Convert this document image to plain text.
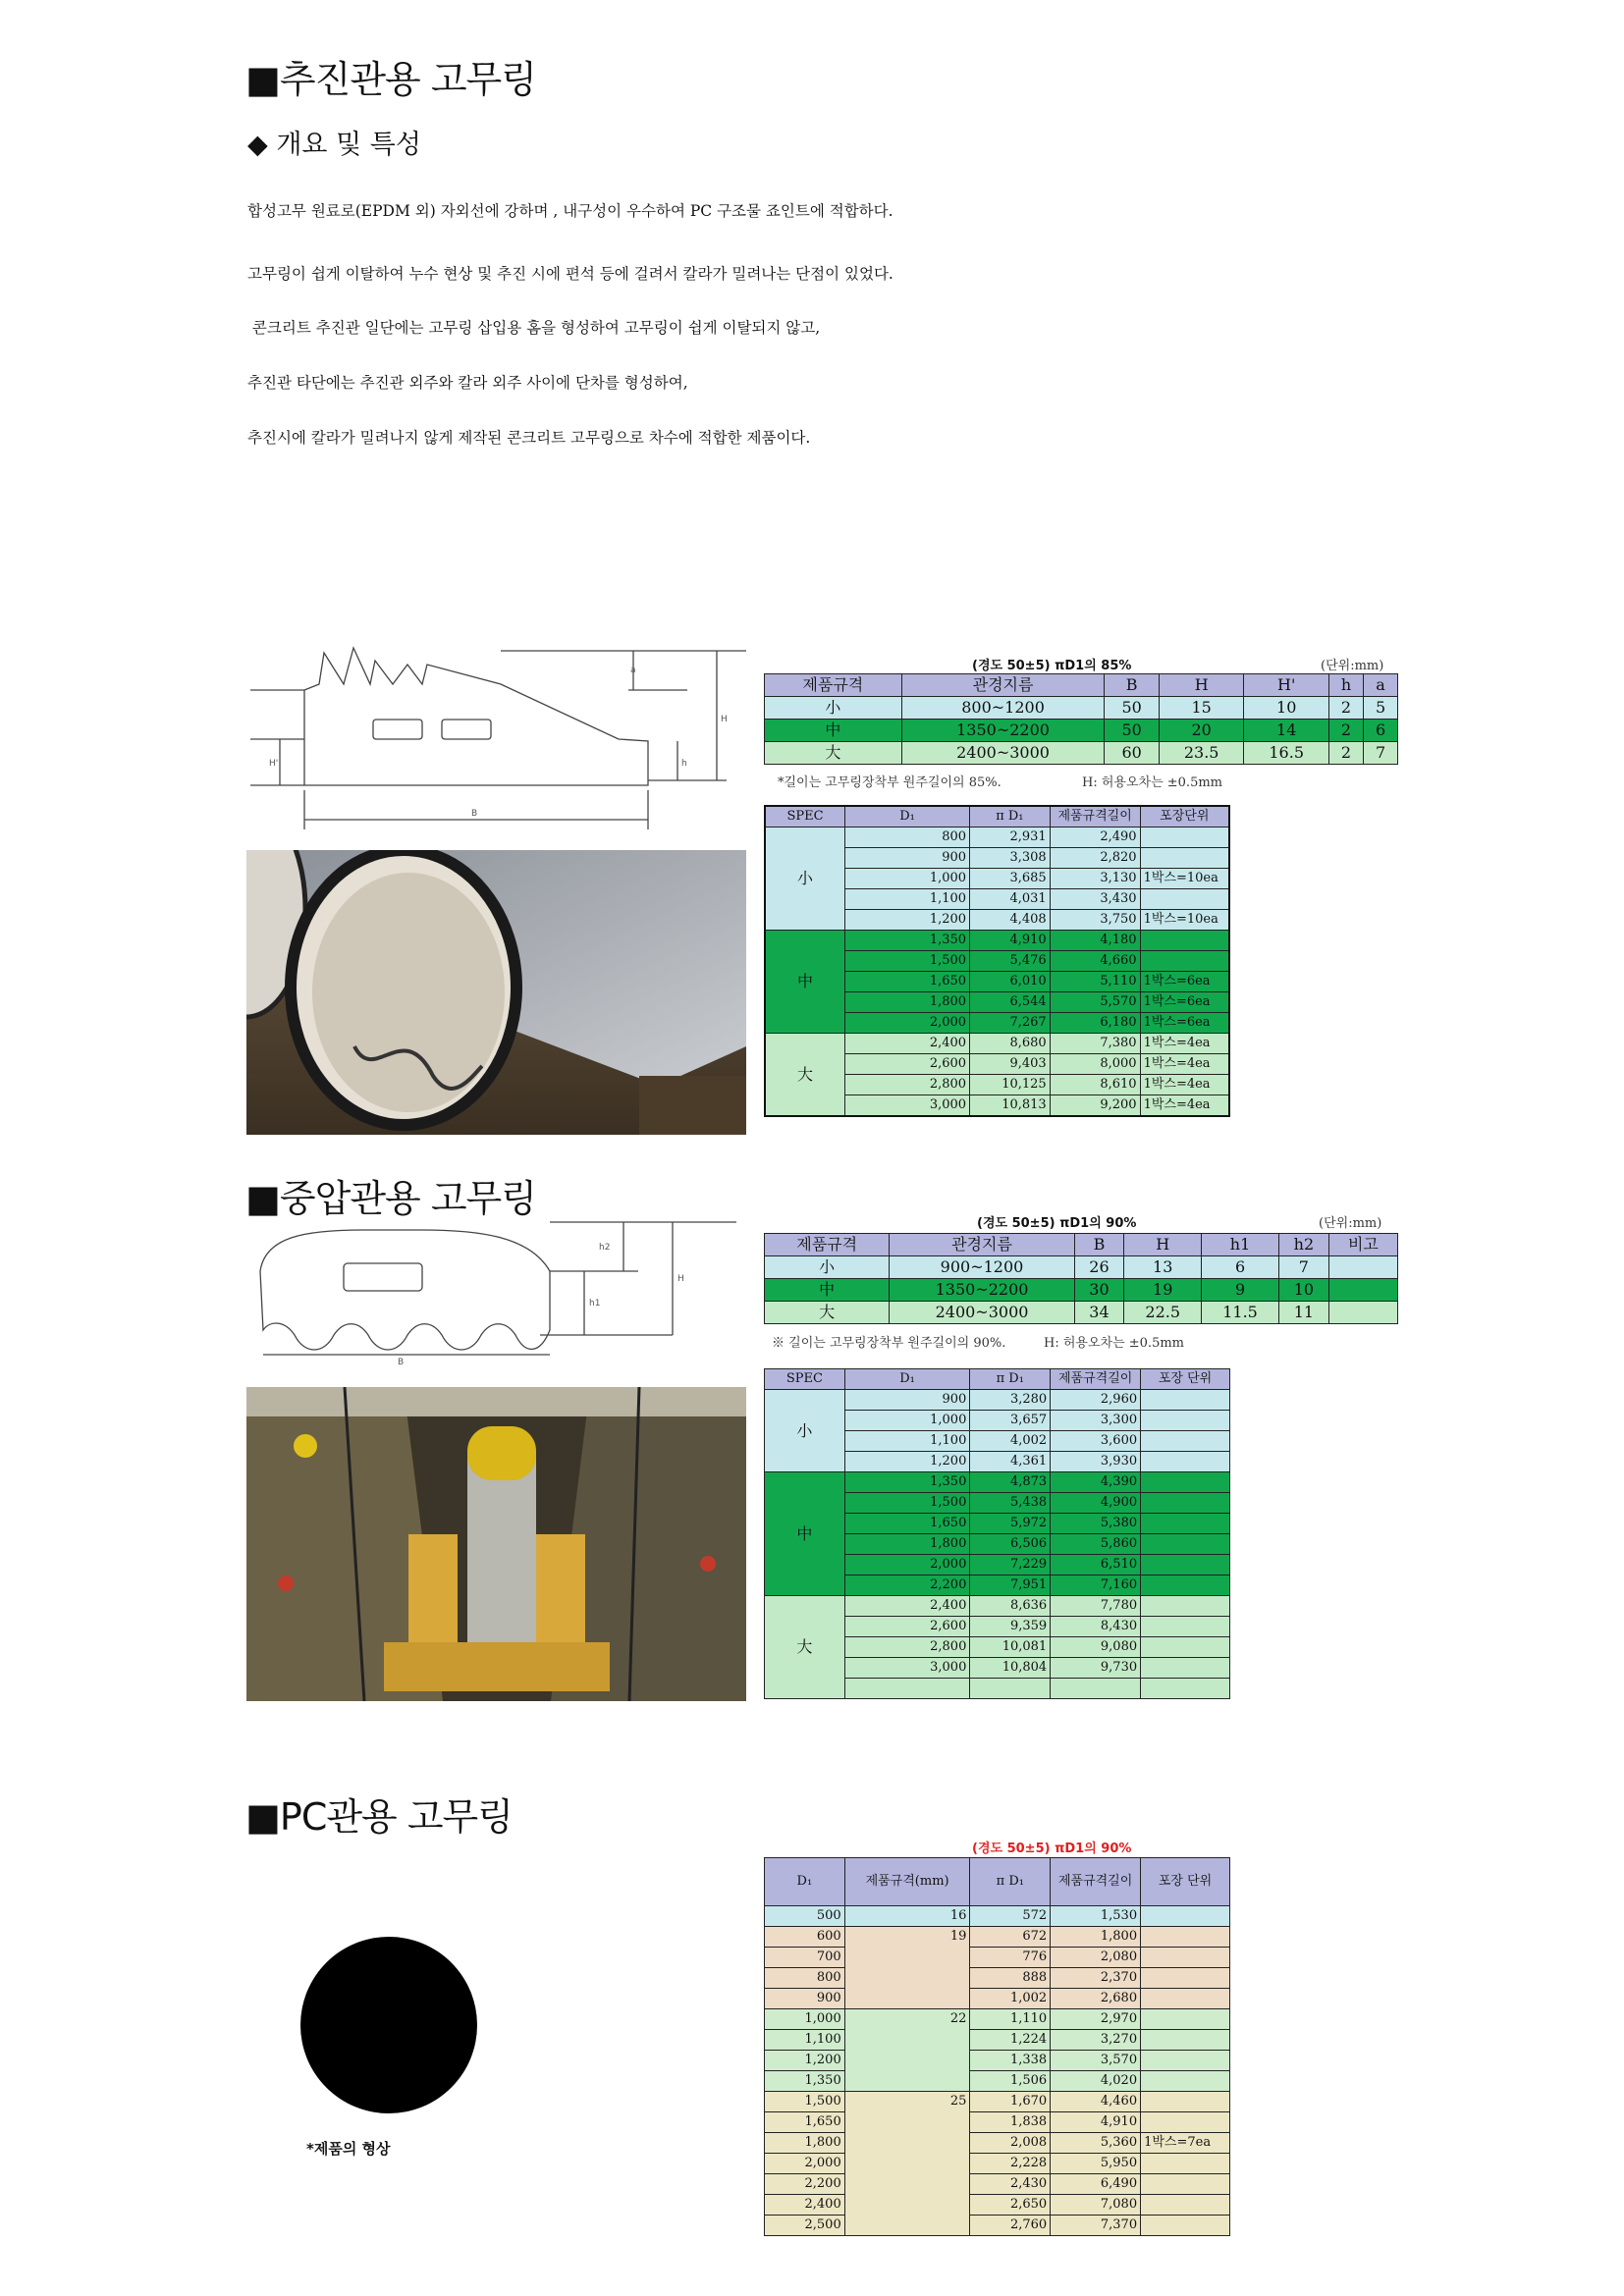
■추진관용 고무링
◆ 개요 및 특성
합성고무 원료로(EPDM 외) 자외선에 강하며 , 내구성이 우수하여 PC 구조물 죠인트에 적합하다.
고무링이 쉽게 이탈하여 누수 현상 및 추진 시에 편석 등에 걸려서 칼라가 밀려나는 단점이 있었다.
콘크리트 추진관 일단에는 고무링 삽입용 홈을 형성하여 고무링이 쉽게 이탈되지 않고,
추진관 타단에는 추진관 외주와 칼라 외주 사이에 단차를 형성하여,
추진시에 칼라가 밀려나지 않게 제작된 콘크리트 고무링으로 차수에 적합한 제품이다.
a
H
H'	h
B
(경도 50±5) πD1의 85%	(단위:mm)
제품규격	관경지름	B	H	H'	h	a
小	800~1200	50	15	10	2	5
中	1350~2200	50	20	14	2	6
大	2400~3000	60	23.5	16.5	2	7
*길이는 고무링장착부 원주길이의 85%.	H: 허용오차는 ±0.5mm
SPEC	D₁	π D₁	제품규격길이	포장단위
小	800	2,931	2,490	
	900	3,308	2,820	
	1,000	3,685	3,130	1박스=10ea
	1,100	4,031	3,430	
	1,200	4,408	3,750	1박스=10ea
中	1,350	4,910	4,180	
	1,500	5,476	4,660	
	1,650	6,010	5,110	1박스=6ea
	1,800	6,544	5,570	1박스=6ea
	2,000	7,267	6,180	1박스=6ea
大	2,400	8,680	7,380	1박스=4ea
	2,600	9,403	8,000	1박스=4ea
	2,800	10,125	8,610	1박스=4ea
	3,000	10,813	9,200	1박스=4ea
■중압관용 고무링
h2
H
h1
B
(경도 50±5) πD1의 90%	(단위:mm)
제품규격	관경지름	B	H	h1	h2	비고
小	900~1200	26	13	6	7	
中	1350~2200	30	19	9	10	
大	2400~3000	34	22.5	11.5	11	
※ 길이는 고무링장착부 원주길이의 90%.	H: 허용오차는 ±0.5mm
SPEC	D₁	π D₁	제품규격길이	포장 단위
小	900	3,280	2,960	
	1,000	3,657	3,300	
	1,100	4,002	3,600	
	1,200	4,361	3,930	
中	1,350	4,873	4,390	
	1,500	5,438	4,900	
	1,650	5,972	5,380	
	1,800	6,506	5,860	
	2,000	7,229	6,510	
	2,200	7,951	7,160	
大	2,400	8,636	7,780	
	2,600	9,359	8,430	
	2,800	10,081	9,080	
	3,000	10,804	9,730	

■PC관용 고무링
*제품의 형상
(경도 50±5) πD1의 90%
D₁	제품규격(mm)	π D₁	제품규격길이	포장 단위
500	16	572	1,530	
600	19	672	1,800	
700		776	2,080	
800		888	2,370	
900		1,002	2,680	
1,000	22	1,110	2,970	
1,100		1,224	3,270	
1,200		1,338	3,570	
1,350		1,506	4,020	
1,500	25	1,670	4,460	
1,650		1,838	4,910	
1,800		2,008	5,360	1박스=7ea
2,000		2,228	5,950	
2,200		2,430	6,490	
2,400		2,650	7,080	
2,500		2,760	7,370	
